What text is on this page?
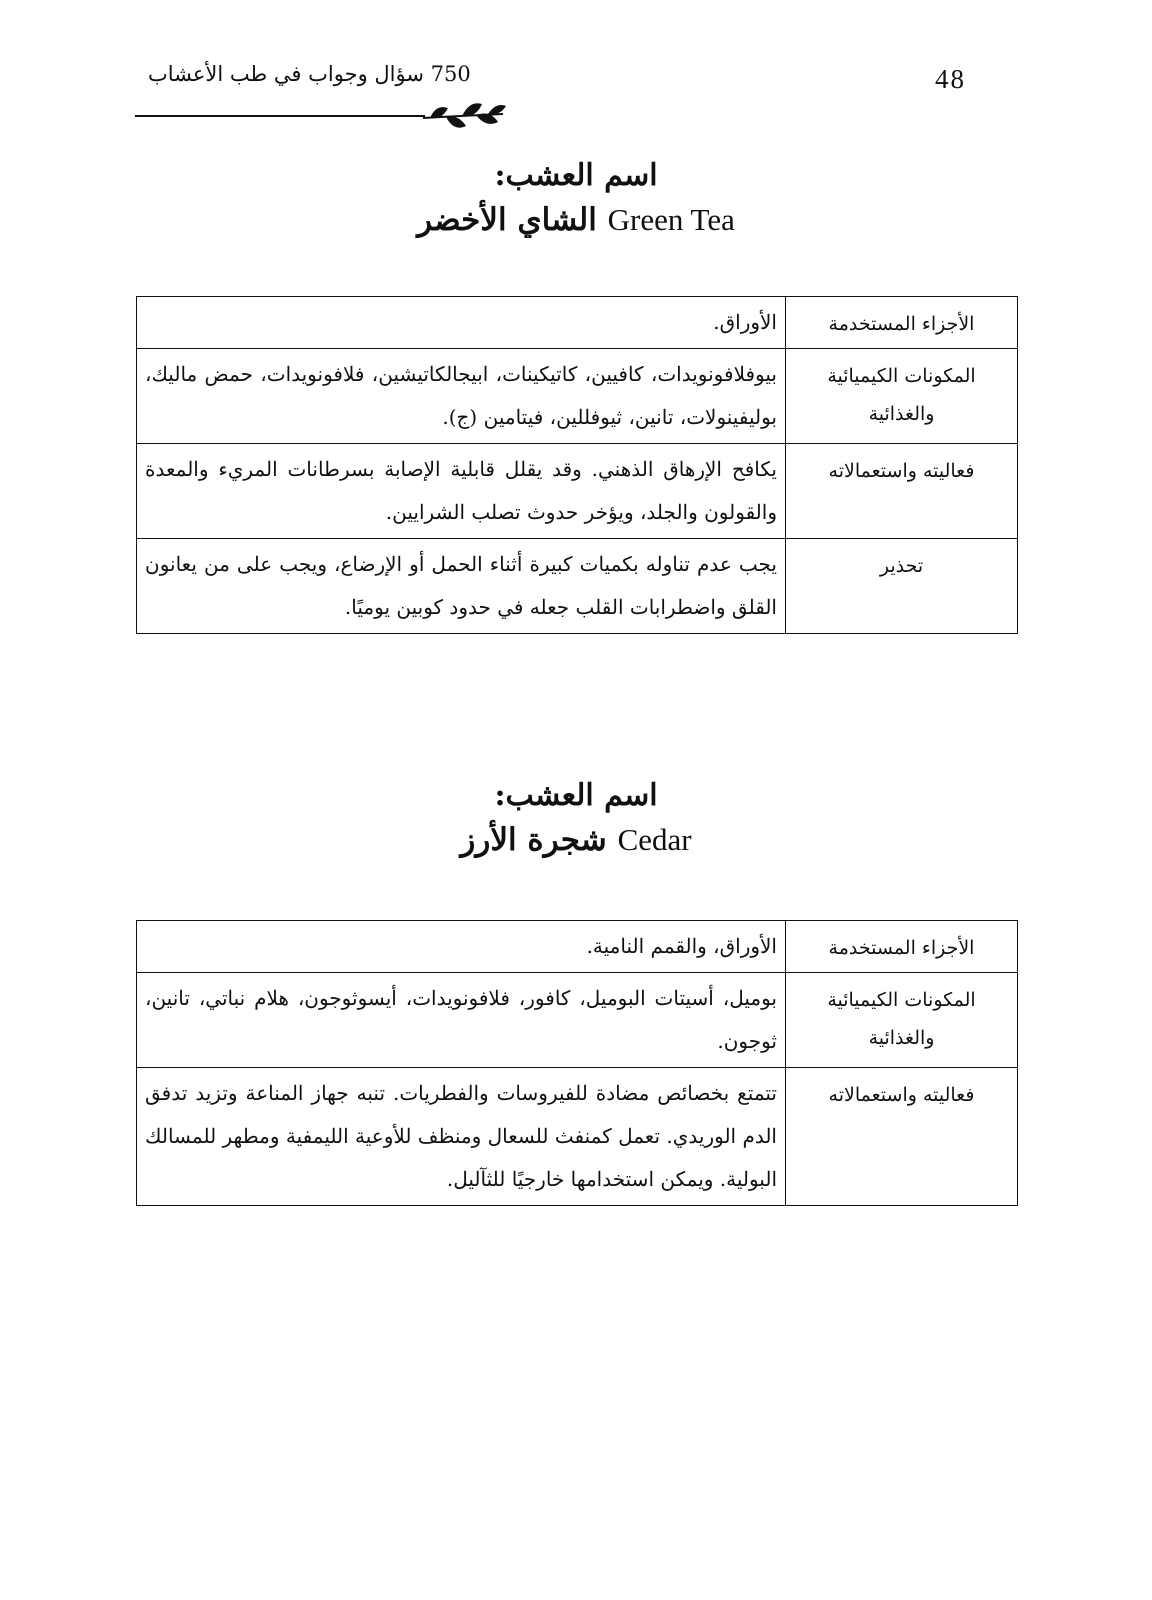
48
750 سؤال وجواب في طب الأعشاب
اسم العشب:
الشاي الأخضر Green Tea
الأجزاء المستخدمة	الأوراق.
المكونات الكيميائية والغذائية	بيوفلافونويدات، كافيين، كاتيكينات، ابيجالكاتيشين، فلافونويدات، حمض ماليك، بوليفينولات، تانين، ثيوفللين، فيتامين (ج).
فعاليته واستعمالاته	يكافح الإرهاق الذهني. وقد يقلل قابلية الإصابة بسرطانات المريء والمعدة والقولون والجلد، ويؤخر حدوث تصلب الشرايين.
تحذير	يجب عدم تناوله بكميات كبيرة أثناء الحمل أو الإرضاع، ويجب على من يعانون القلق واضطرابات القلب جعله في حدود كوبين يوميًا.
اسم العشب:
شجرة الأرز Cedar
الأجزاء المستخدمة	الأوراق، والقمم النامية.
المكونات الكيميائية والغذائية	بوميل، أسيتات البوميل، كافور، فلافونويدات، أيسوثوجون، هلام نباتي، تانين، ثوجون.
فعاليته واستعمالاته	تتمتع بخصائص مضادة للفيروسات والفطريات. تنبه جهاز المناعة وتزيد تدفق الدم الوريدي. تعمل كمنفث للسعال ومنظف للأوعية الليمفية ومطهر للمسالك البولية. ويمكن استخدامها خارجيًا للثآليل.
